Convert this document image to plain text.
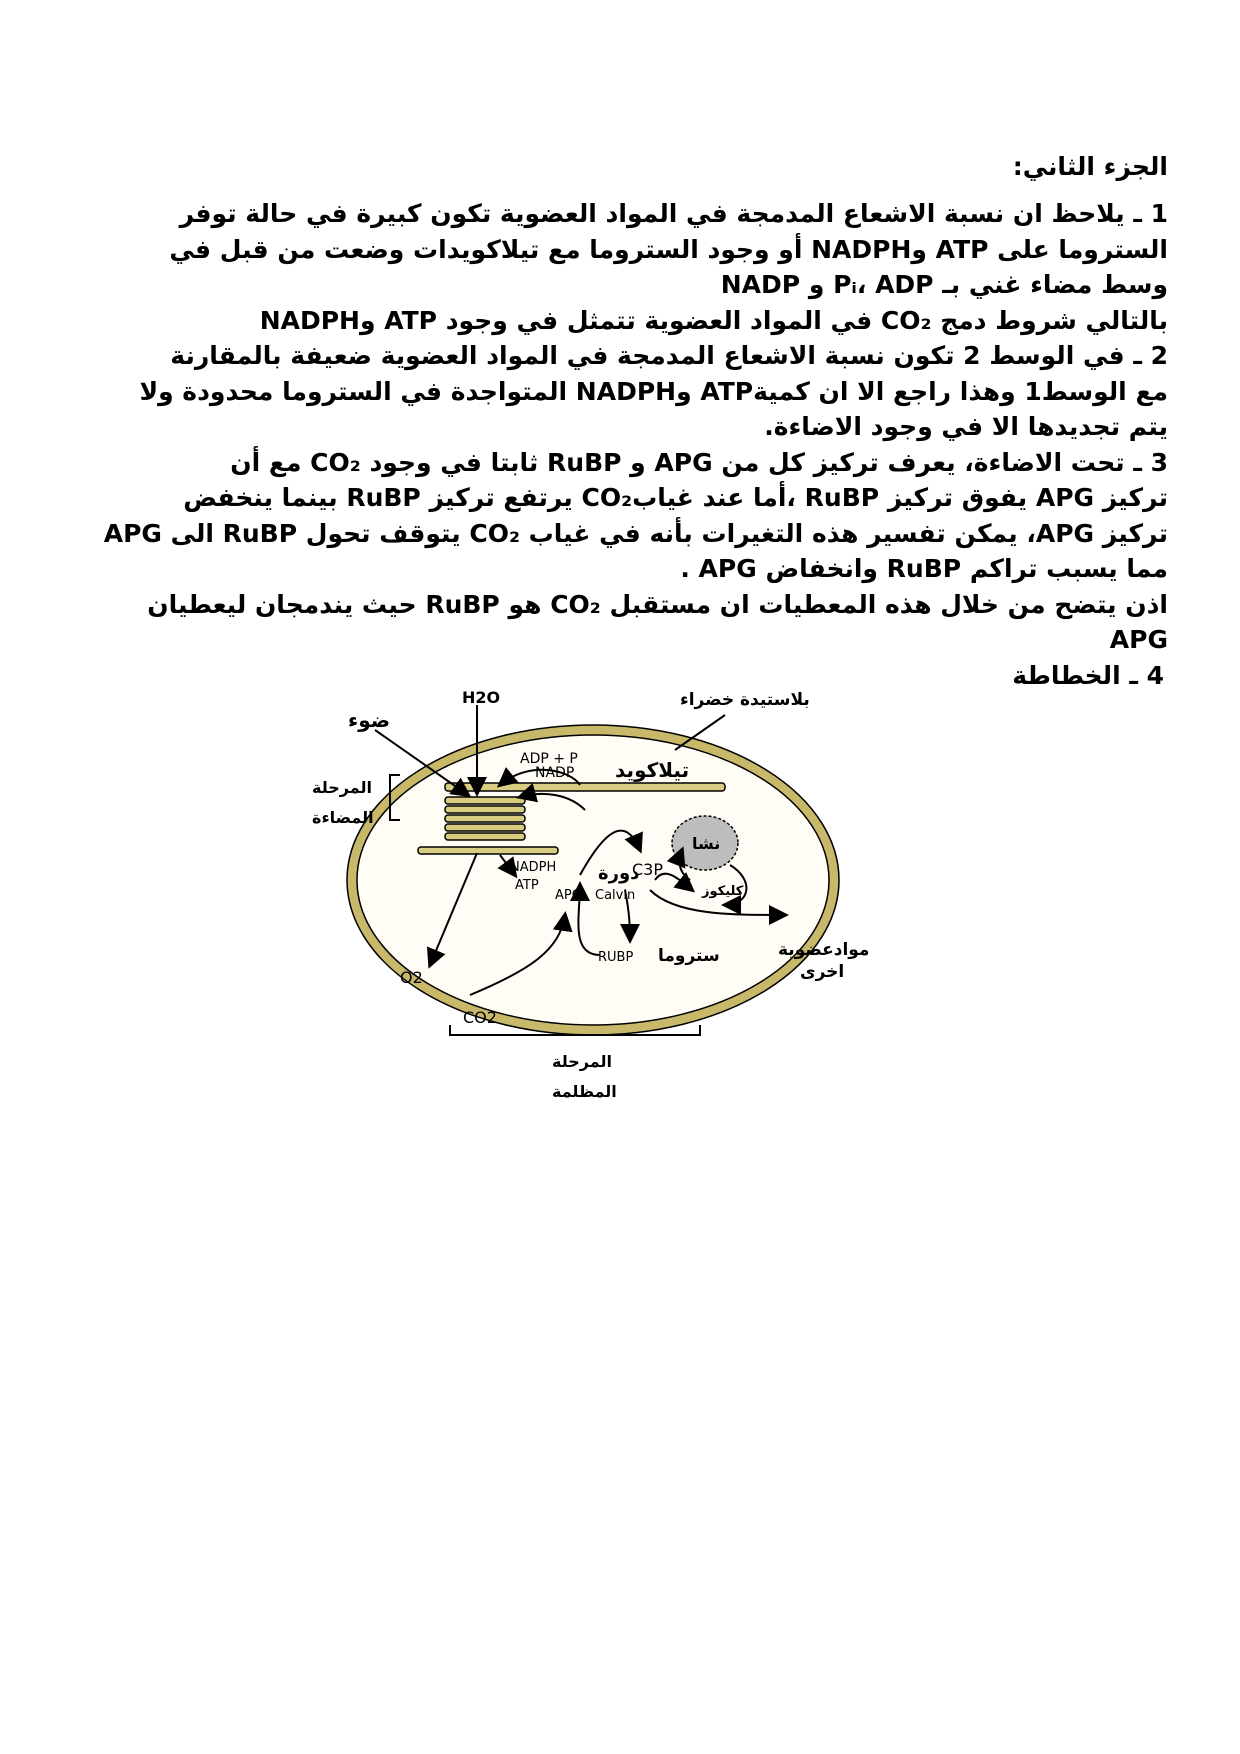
الجزء الثاني:
1 ـ يلاحظ ان نسبة الاشعاع المدمجة في المواد العضوية تكون كبيرة في حالة توفر
الستروما على ATP وNADPH أو وجود الستروما مع تيلاكويدات وضعت من قبل في
وسط مضاء غني بـ Pᵢ، ADP و NADP
بالتالي شروط دمج CO₂ في المواد العضوية تتمثل في وجود ATP وNADPH
2 ـ في الوسط 2 تكون نسبة الاشعاع المدمجة في المواد العضوية ضعيفة بالمقارنة
مع الوسط1 وهذا راجع الا ان كميةATP وNADPH المتواجدة في الستروما محدودة ولا
يتم تجديدها الا في وجود الاضاءة.
3 ـ تحت الاضاءة، يعرف تركيز كل من APG و RuBP ثابتا في وجود CO₂ مع أن
تركيز APG يفوق تركيز RuBP ،أما عند غيابCO₂ يرتفع تركيز RuBP بينما ينخفض
تركيز APG، يمكن تفسير هذه التغيرات بأنه في غياب CO₂ يتوقف تحول RuBP الى APG
مما يسبب تراكم RuBP وانخفاض APG .
اذن يتضح من خلال هذه المعطيات ان مستقبل CO₂ هو RuBP حيث يندمجان ليعطيان
APG
4 ـ الخطاطة
ضوء
H2O	بلاستيدة خضراء
ADP + P
NADP تيلاكويد
المرحلة
المضاءة
نشا
NADPH
ATP
دورة
C3P
APG Calvin	كليكوز
O2
RUBP ستروما	موادعضوية
اخرى
CO2
المرحلة
المظلمة
